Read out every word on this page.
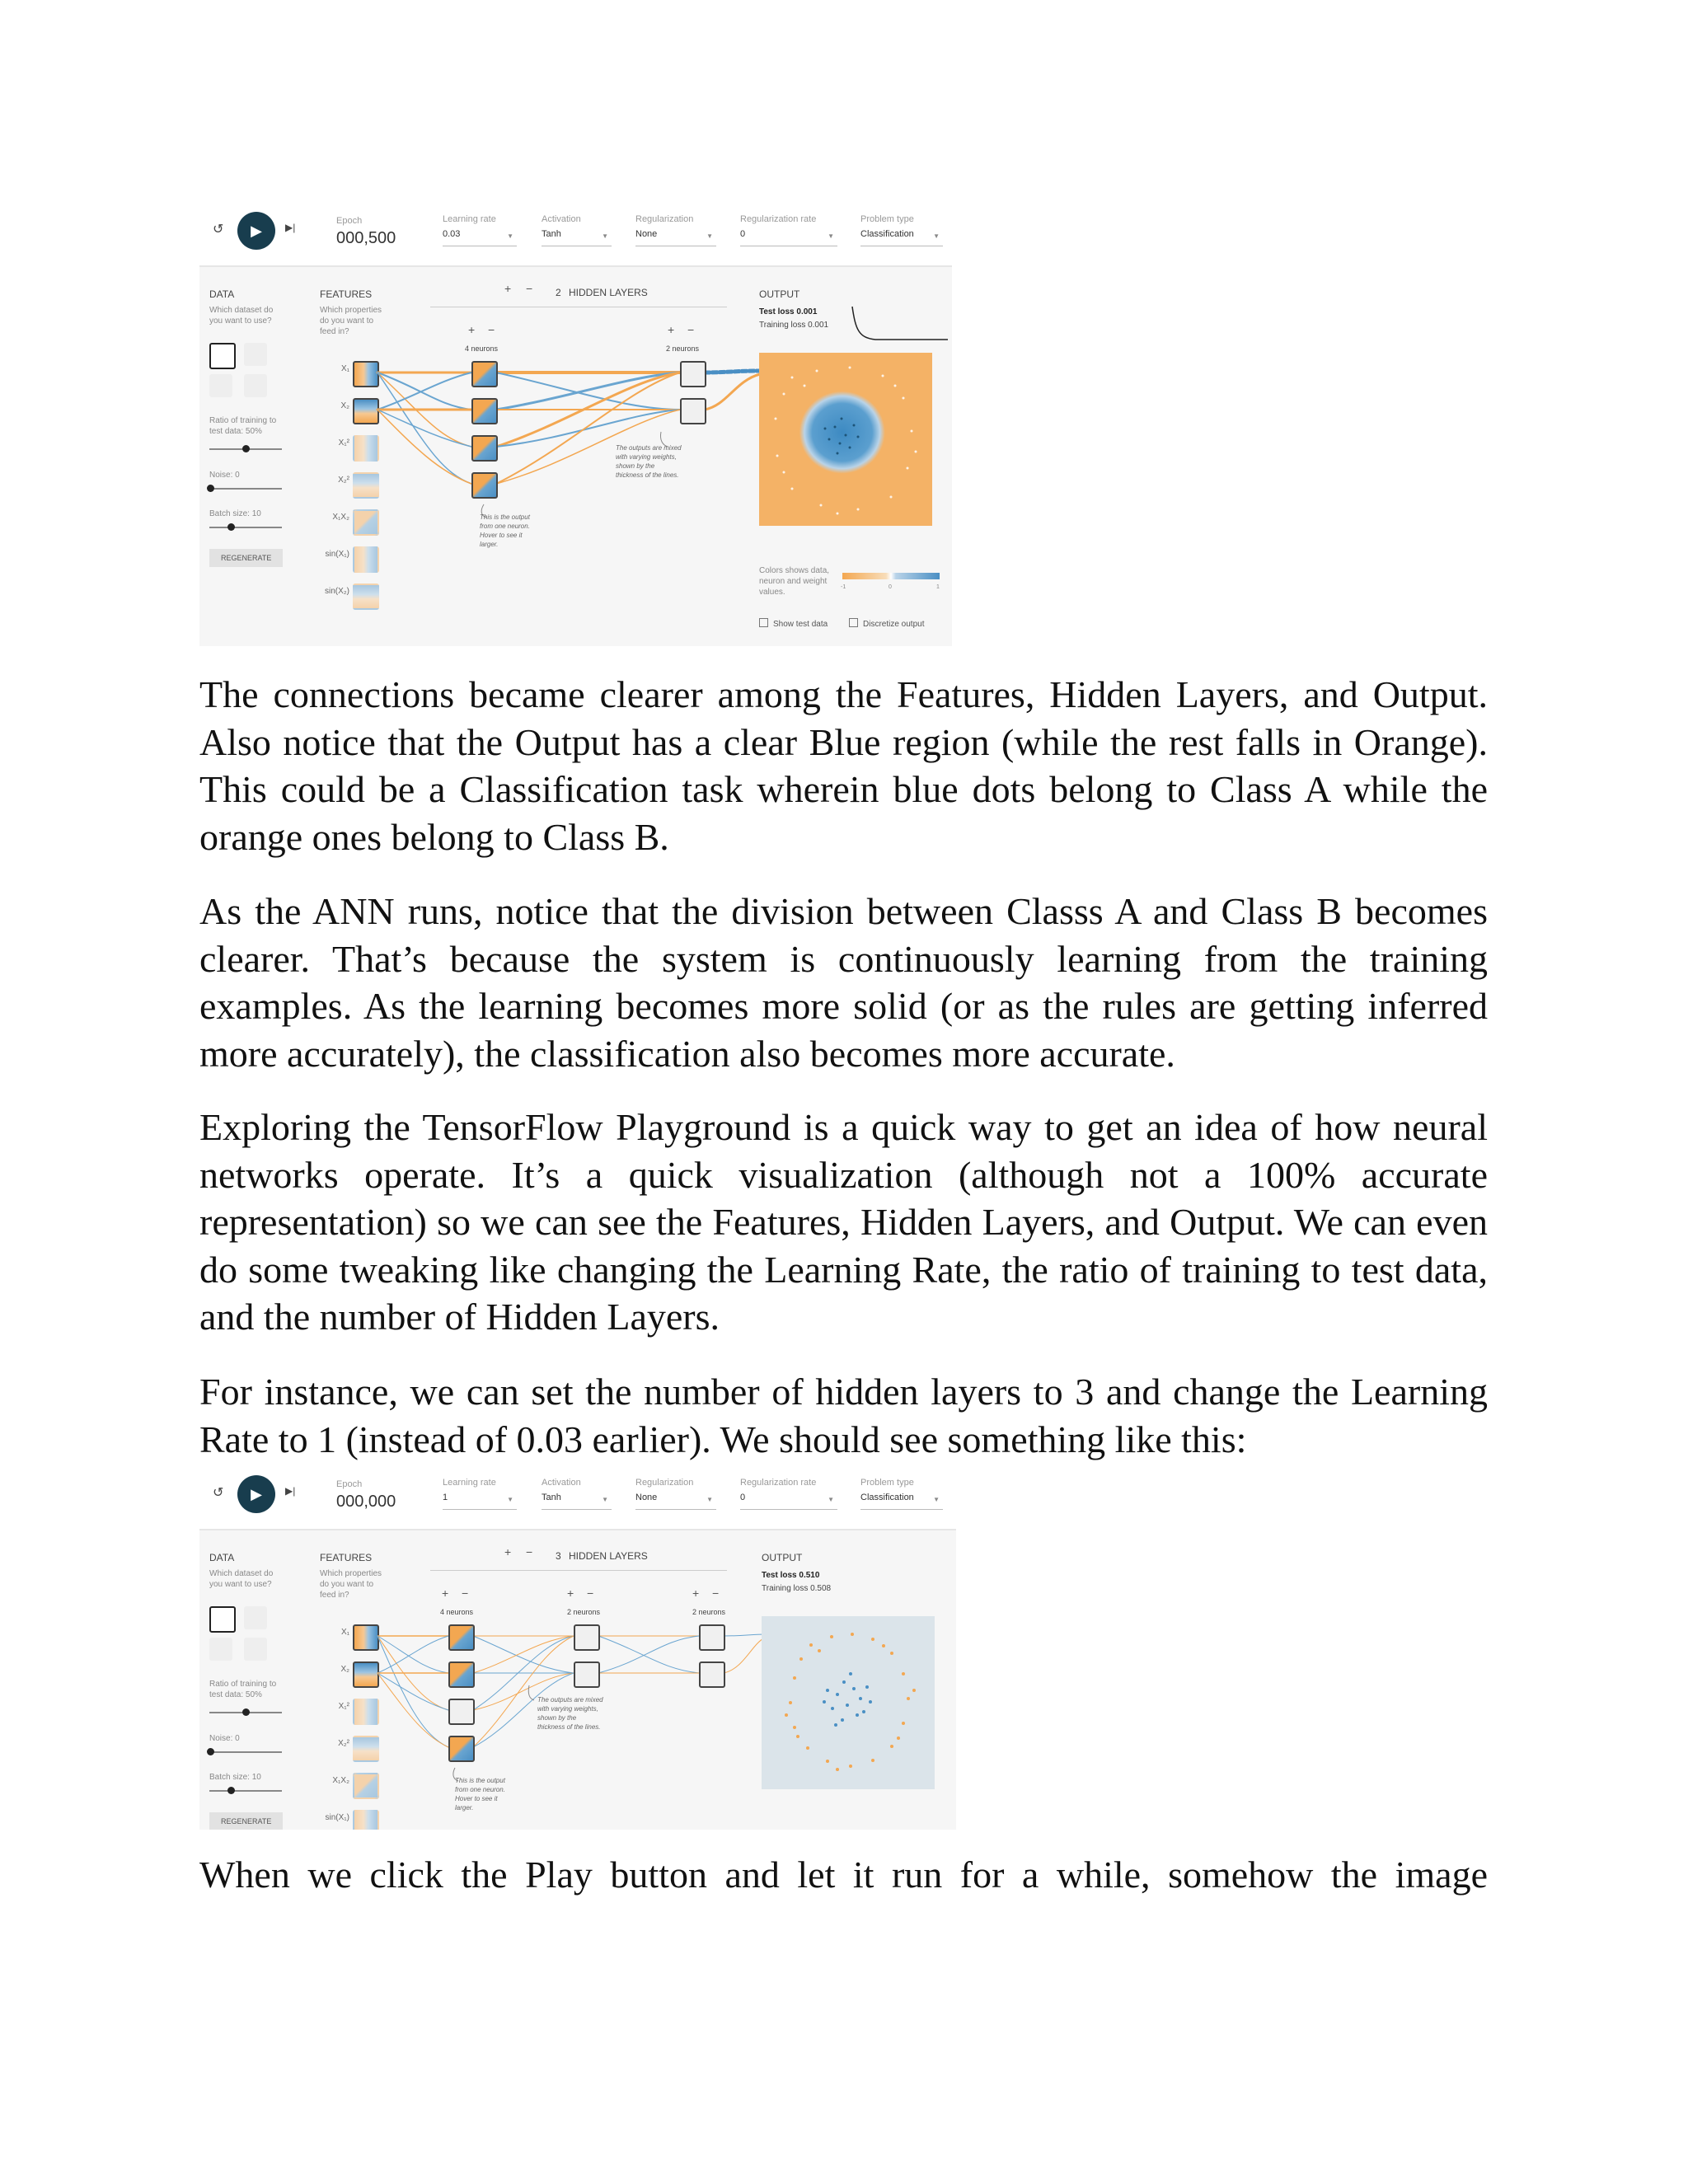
↺	▶	▶|
Epoch
000,500
Learning rate
0.03	▼
Activation
Tanh	▼
Regularization
None	▼
Regularization rate
0	▼
Problem type
Classification	▼
DATA
Which dataset do you want to use?
Ratio of training to test data: 50%
Noise: 0
Batch size: 10
REGENERATE
FEATURES
Which properties do you want to feed in?
X₁
X₂
X₁²
X₂²
X₁X₂
sin(X₁)
sin(X₂)
+ − 2 HIDDEN LAYERS
+ −
4 neurons
+ −
2 neurons
The outputs are mixed with varying weights, shown by the thickness of the lines.
This is the output from one neuron. Hover to see it larger.
OUTPUT
Test loss 0.001
Training loss 0.001
Colors shows data, neuron and weight values.
-1	0	1
Show test data	Discretize output

The connections became clearer among the Features, Hidden Layers, and Output. Also notice that the Output has a clear Blue region (while the rest falls in Orange). This could be a Classification task wherein blue dots belong to Class A while the orange ones belong to Class B.

As the ANN runs, notice that the division between Classs A and Class B becomes clearer. That’s because the system is continuously learning from the training examples. As the learning becomes more solid (or as the rules are getting inferred more accurately), the classification also becomes more accurate.

Exploring the TensorFlow Playground is a quick way to get an idea of how neural networks operate. It’s a quick visualization (although not a 100% accurate representation) so we can see the Features, Hidden Layers, and Output. We can even do some tweaking like changing the Learning Rate, the ratio of training to test data, and the number of Hidden Layers.

For instance, we can set the number of hidden layers to 3 and change the Learning Rate to 1 (instead of 0.03 earlier). We should see something like this:

↺	▶	▶|
Epoch
000,000
Learning rate
1	▼
Activation
Tanh	▼
Regularization
None	▼
Regularization rate
0	▼
Problem type
Classification	▼
DATA
Which dataset do you want to use?
Ratio of training to test data: 50%
Noise: 0
Batch size: 10
REGENERATE
FEATURES
Which properties do you want to feed in?
X₁
X₂
X₁²
X₂²
X₁X₂
sin(X₁)
+ − 3 HIDDEN LAYERS
+ −
4 neurons
+ −
2 neurons
+ −
2 neurons
The outputs are mixed with varying weights, shown by the thickness of the lines.
This is the output from one neuron. Hover to see it larger.
OUTPUT
Test loss 0.510
Training loss 0.508

When we click the Play button and let it run for a while, somehow the image
